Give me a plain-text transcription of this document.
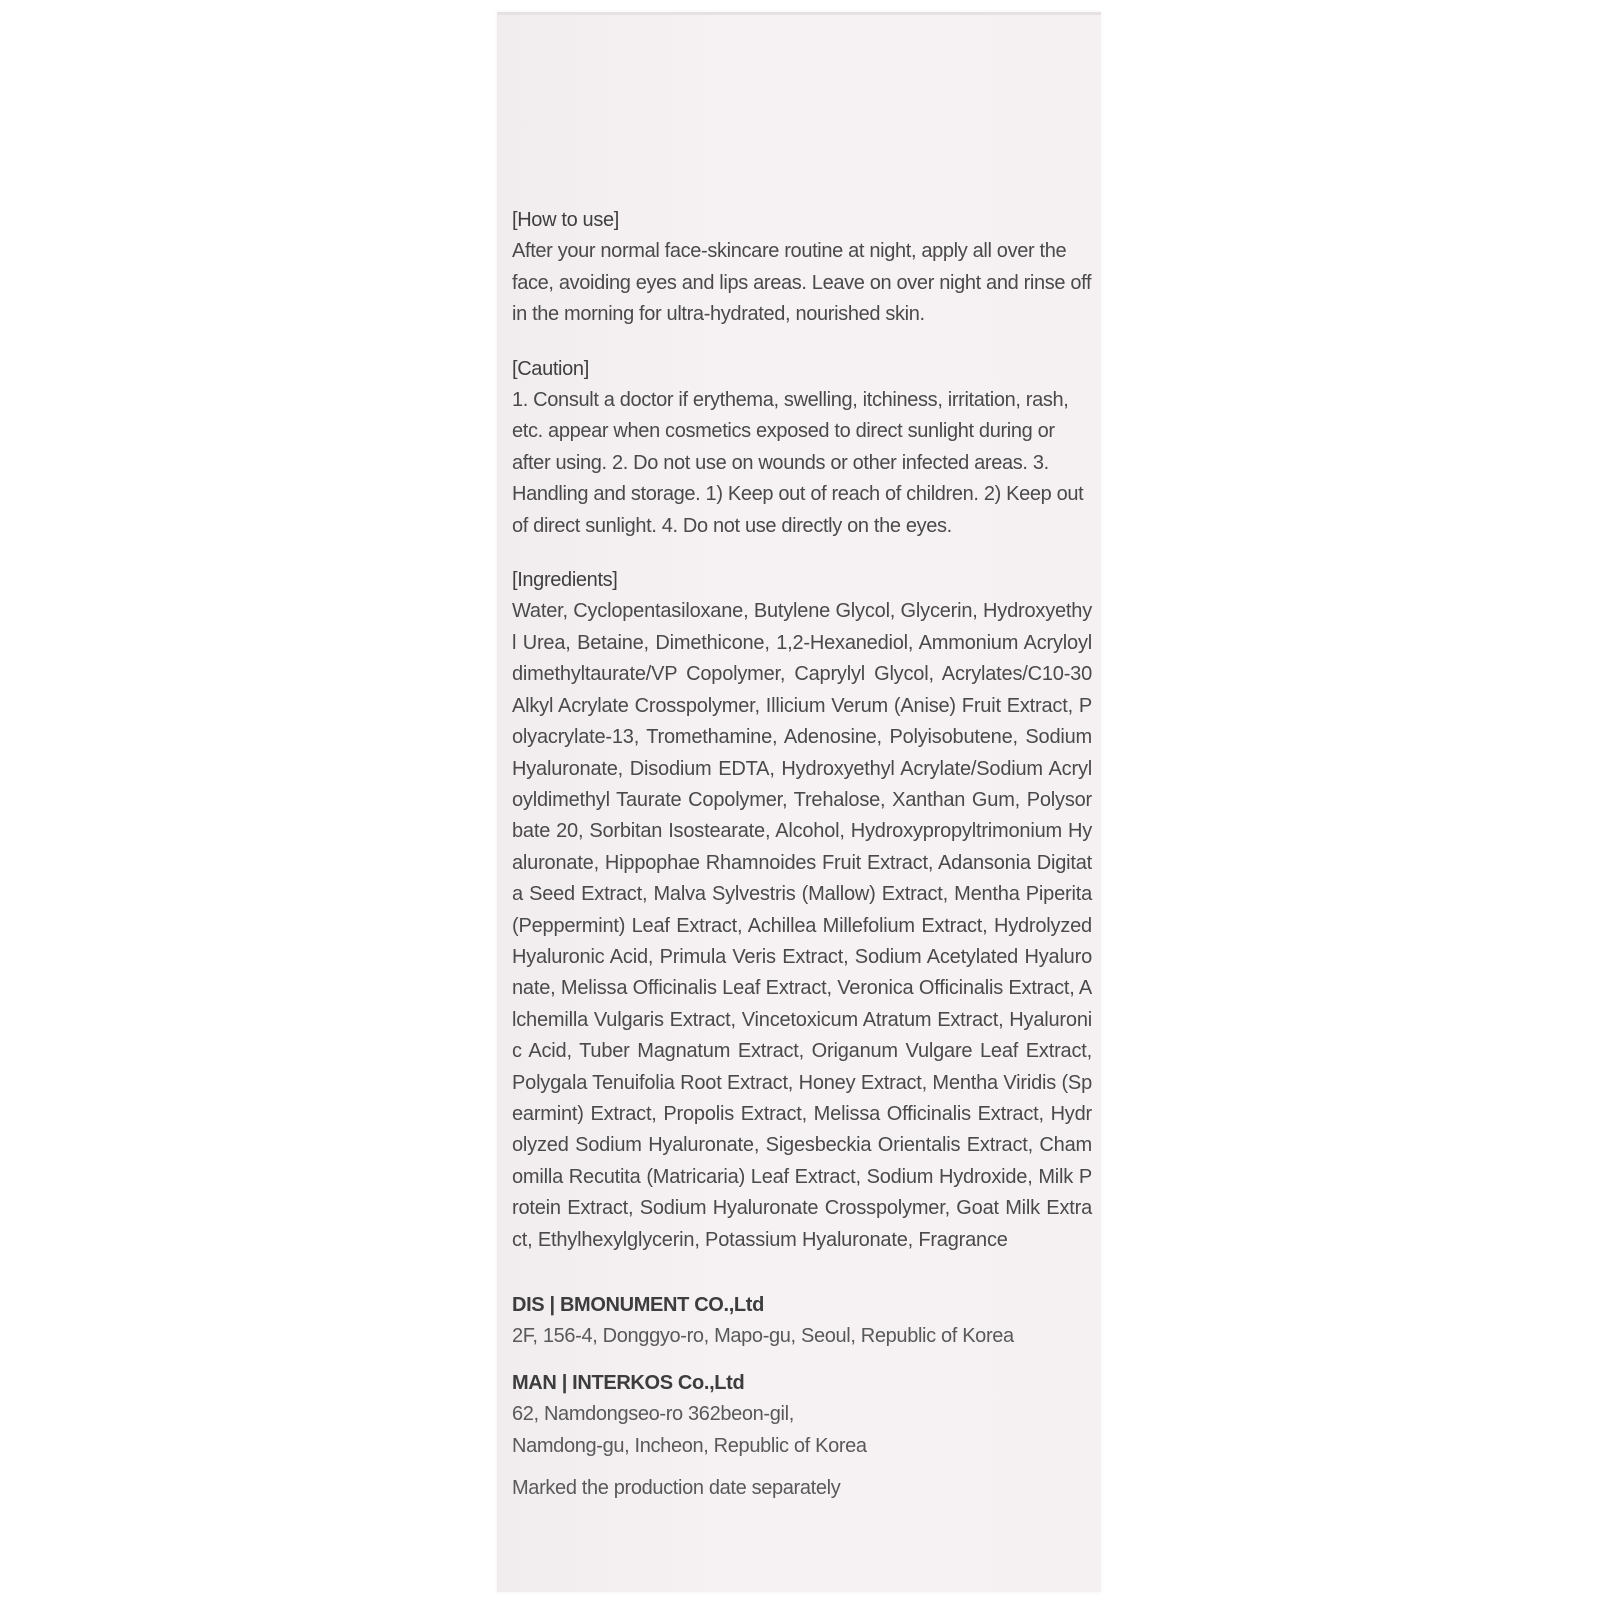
[How to use]

After your normal face-skincare routine at night, apply all over the face, avoiding eyes and lips areas. Leave on over night and rinse off in the morning for ultra-hydrated, nourished skin.

[Caution]

1. Consult a doctor if erythema, swelling, itchiness, irritation, rash, etc. appear when cosmetics exposed to direct sunlight during or after using. 2. Do not use on wounds or other infected areas. 3. Handling and storage. 1) Keep out of reach of children. 2) Keep out of direct sunlight. 4. Do not use directly on the eyes.

[Ingredients]

Water, Cyclopentasiloxane, Butylene Glycol, Glycerin, Hydroxyethyl Urea, Betaine, Dimethicone, 1,2-Hexanediol, Ammonium Acryloyldimethyltaurate/VP Copolymer, Caprylyl Glycol, Acrylates/C10-30 Alkyl Acrylate Crosspolymer, Illicium Verum (Anise) Fruit Extract, Polyacrylate-13, Tromethamine, Adenosine, Polyisobutene, Sodium Hyaluronate, Disodium EDTA, Hydroxyethyl Acrylate/Sodium Acryloyldimethyl Taurate Copolymer, Trehalose, Xanthan Gum, Polysorbate 20, Sorbitan Isostearate, Alcohol, Hydroxypropyltrimonium Hyaluronate, Hippophae Rhamnoides Fruit Extract, Adansonia Digitata Seed Extract, Malva Sylvestris (Mallow) Extract, Mentha Piperita (Peppermint) Leaf Extract, Achillea Millefolium Extract, Hydrolyzed Hyaluronic Acid, Primula Veris Extract, Sodium Acetylated Hyaluronate, Melissa Officinalis Leaf Extract, Veronica Officinalis Extract, Alchemilla Vulgaris Extract, Vincetoxicum Atratum Extract, Hyaluronic Acid, Tuber Magnatum Extract, Origanum Vulgare Leaf Extract, Polygala Tenuifolia Root Extract, Honey Extract, Mentha Viridis (Spearmint) Extract, Propolis Extract, Melissa Officinalis Extract, Hydrolyzed Sodium Hyaluronate, Sigesbeckia Orientalis Extract, Chamomilla Recutita (Matricaria) Leaf Extract, Sodium Hydroxide, Milk Protein Extract, Sodium Hyaluronate Crosspolymer, Goat Milk Extract, Ethylhexylglycerin, Potassium Hyaluronate, Fragrance

DIS | BMONUMENT CO.,Ltd

2F, 156-4, Donggyo-ro, Mapo-gu, Seoul, Republic of Korea

MAN | INTERKOS Co.,Ltd

62, Namdongseo-ro 362beon-gil,

Namdong-gu, Incheon, Republic of Korea

Marked the production date separately
